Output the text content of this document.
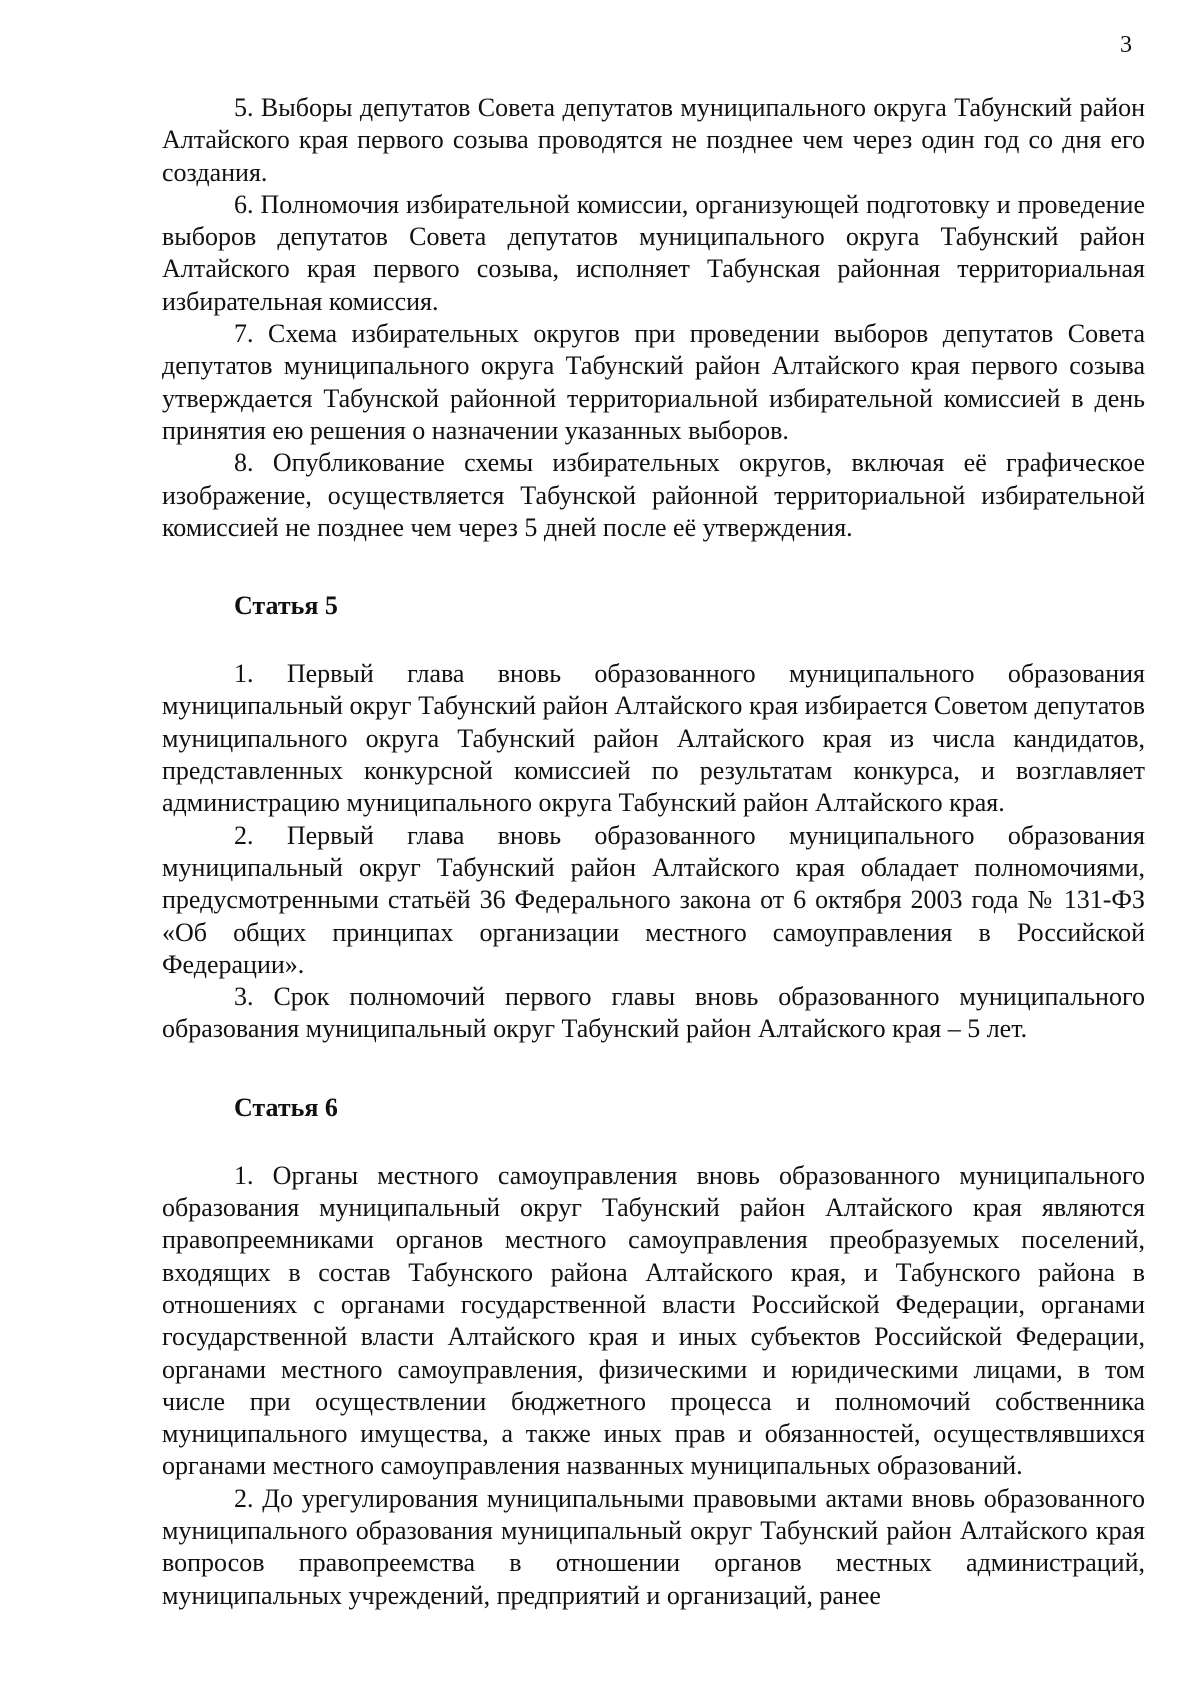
3

5. Выборы депутатов Совета депутатов муниципального округа Табунский район Алтайского края первого созыва проводятся не позднее чем через один год со дня его создания.

6. Полномочия избирательной комиссии, организующей подготовку и проведение выборов депутатов Совета депутатов муниципального округа Табунский район Алтайского края первого созыва, исполняет Табунская районная территориальная избирательная комиссия.

7. Схема избирательных округов при проведении выборов депутатов Совета депутатов муниципального округа Табунский район Алтайского края первого созыва утверждается Табунской районной территориальной избирательной комиссией в день принятия ею решения о назначении указанных выборов.

8. Опубликование схемы избирательных округов, включая её графическое изображение, осуществляется Табунской районной территориальной избирательной комиссией не позднее чем через 5 дней после её утверждения.

Статья 5

1. Первый глава вновь образованного муниципального образования муниципальный округ Табунский район Алтайского края избирается Советом депутатов муниципального округа Табунский район Алтайского края из числа кандидатов, представленных конкурсной комиссией по результатам конкурса, и возглавляет администрацию муниципального округа Табунский район Алтайского края.

2. Первый глава вновь образованного муниципального образования муниципальный округ Табунский район Алтайского края обладает полномочиями, предусмотренными статьёй 36 Федерального закона от 6 октября 2003 года № 131-ФЗ «Об общих принципах организации местного самоуправления в Российской Федерации».

3. Срок полномочий первого главы вновь образованного муниципального образования муниципальный округ Табунский район Алтайского края – 5 лет.

Статья 6

1. Органы местного самоуправления вновь образованного муниципального образования муниципальный округ Табунский район Алтайского края являются правопреемниками органов местного самоуправления преобразуемых поселений, входящих в состав Табунского района Алтайского края, и Табунского района в отношениях с органами государственной власти Российской Федерации, органами государственной власти Алтайского края и иных субъектов Российской Федерации, органами местного самоуправления, физическими и юридическими лицами, в том числе при осуществлении бюджетного процесса и полномочий собственника муниципального имущества, а также иных прав и обязанностей, осуществлявшихся органами местного самоуправления названных муниципальных образований.

2. До урегулирования муниципальными правовыми актами вновь образованного муниципального образования муниципальный округ Табунский район Алтайского края вопросов правопреемства в отношении органов местных администраций, муниципальных учреждений, предприятий и организаций, ранее
